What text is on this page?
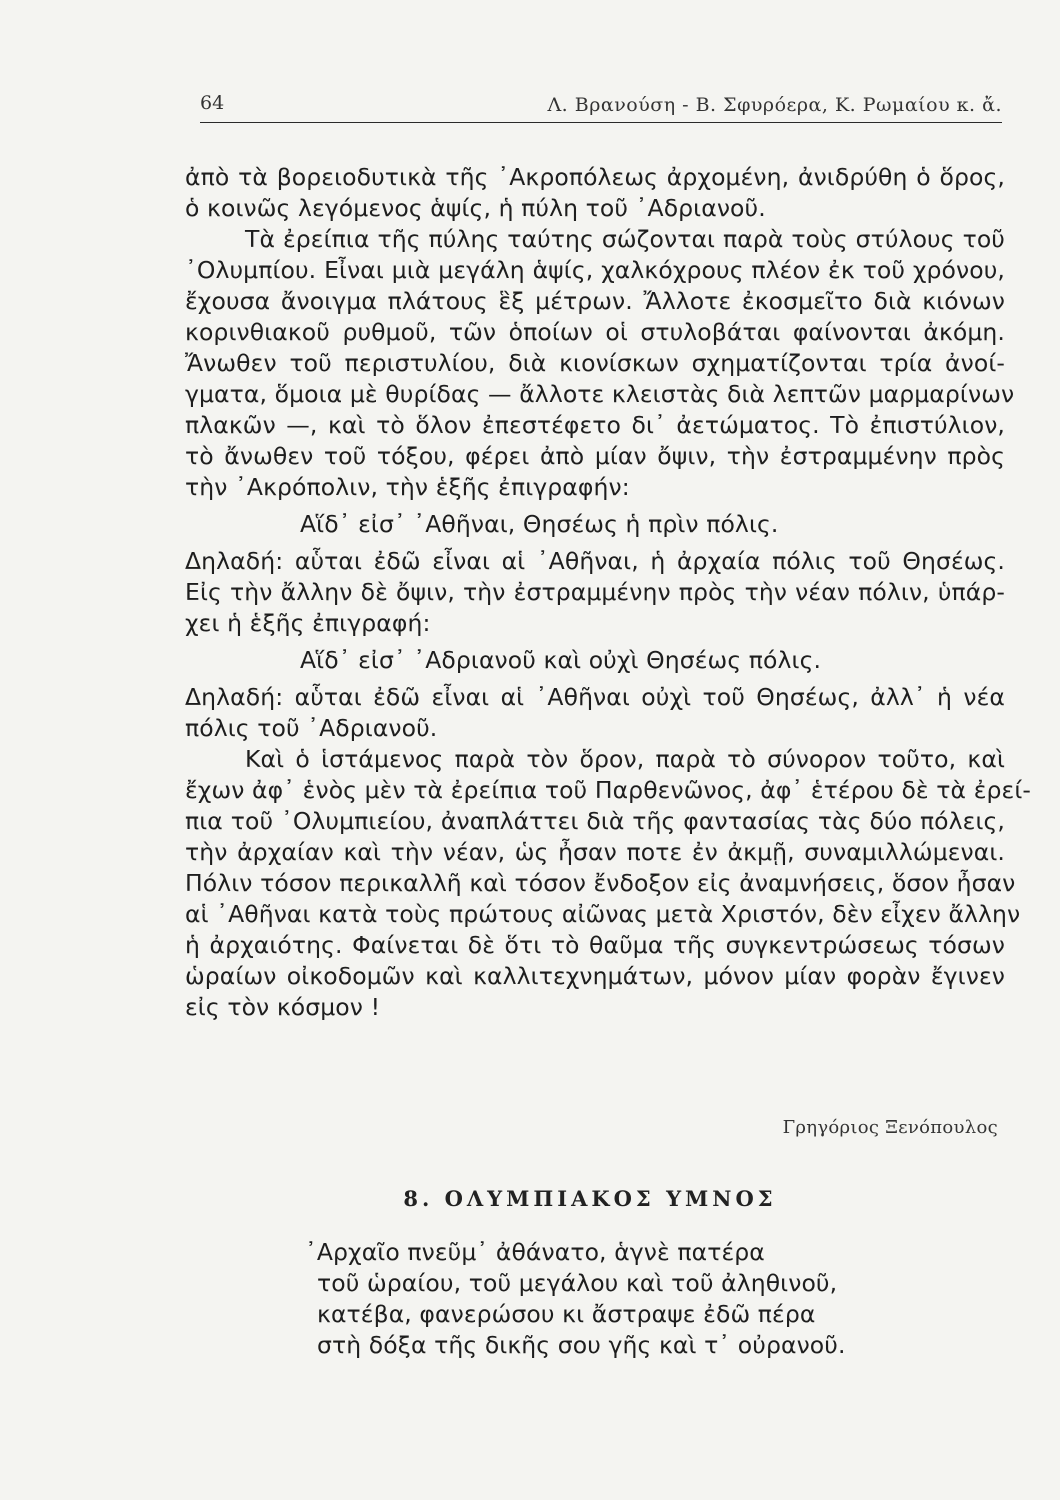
64	Λ. Βρανούση - Β. Σφυρόερα, Κ. Ρωμαίου κ. ἄ.

ἀπὸ τὰ βορειοδυτικὰ τῆς ᾿Ακροπόλεως ἀρχομένη, ἀνιδρύθη ὁ ὅρος,

ὁ κοινῶς λεγόμενος ἁψίς, ἡ πύλη τοῦ ᾿Αδριανοῦ.

Τὰ ἐρείπια τῆς πύλης ταύτης σώζονται παρὰ τοὺς στύλους τοῦ

᾿Ολυμπίου. Εἶναι μιὰ μεγάλη ἁψίς, χαλκόχρους πλέον ἐκ τοῦ χρόνου,

ἔχουσα ἄνοιγμα πλάτους ἓξ μέτρων. Ἄλλοτε ἐκοσμεῖτο διὰ κιόνων

κορινθιακοῦ ρυθμοῦ, τῶν ὁποίων οἱ στυλοβάται φαίνονται ἀκόμη.

Ἄνωθεν τοῦ περιστυλίου, διὰ κιονίσκων σχηματίζονται τρία ἀνοί-

γματα, ὅμοια μὲ θυρίδας — ἄλλοτε κλειστὰς διὰ λεπτῶν μαρμαρίνων

πλακῶν —, καὶ τὸ ὅλον ἐπεστέφετο δι᾿ ἀετώματος. Τὸ ἐπιστύλιον,

τὸ ἄνωθεν τοῦ τόξου, φέρει ἀπὸ μίαν ὄψιν, τὴν ἐστραμμένην πρὸς

τὴν ᾿Ακρόπολιν, τὴν ἑξῆς ἐπιγραφήν:

Αἵδ᾿ εἰσ᾿ ᾿Αθῆναι, Θησέως ἡ πρὶν πόλις.

Δηλαδή: αὗται ἐδῶ εἶναι αἱ ᾿Αθῆναι, ἡ ἀρχαία πόλις τοῦ Θησέως.

Εἰς τὴν ἄλλην δὲ ὄψιν, τὴν ἐστραμμένην πρὸς τὴν νέαν πόλιν, ὑπάρ-

χει ἡ ἑξῆς ἐπιγραφή:

Αἵδ᾿ εἰσ᾿ ᾿Αδριανοῦ καὶ οὐχὶ Θησέως πόλις.

Δηλαδή: αὗται ἐδῶ εἶναι αἱ ᾿Αθῆναι οὐχὶ τοῦ Θησέως, ἀλλ᾿ ἡ νέα

πόλις τοῦ ᾿Αδριανοῦ.

Καὶ ὁ ἱστάμενος παρὰ τὸν ὅρον, παρὰ τὸ σύνορον τοῦτο, καὶ

ἔχων ἀφ᾿ ἑνὸς μὲν τὰ ἐρείπια τοῦ Παρθενῶνος, ἀφ᾿ ἑτέρου δὲ τὰ ἐρεί-

πια τοῦ ᾿Ολυμπιείου, ἀναπλάττει διὰ τῆς φαντασίας τὰς δύο πόλεις,

τὴν ἀρχαίαν καὶ τὴν νέαν, ὡς ἦσαν ποτε ἐν ἀκμῇ, συναμιλλώμεναι.

Πόλιν τόσον περικαλλῆ καὶ τόσον ἔνδοξον εἰς ἀναμνήσεις, ὅσον ἦσαν

αἱ ᾿Αθῆναι κατὰ τοὺς πρώτους αἰῶνας μετὰ Χριστόν, δὲν εἶχεν ἄλλην

ἡ ἀρχαιότης. Φαίνεται δὲ ὅτι τὸ θαῦμα τῆς συγκεντρώσεως τόσων

ὡραίων οἰκοδομῶν καὶ καλλιτεχνημάτων, μόνον μίαν φορὰν ἔγινεν

εἰς τὸν κόσμον !

Γρηγόριος Ξενόπουλος
8. ΟΛΥΜΠΙΑΚΟΣ ΥΜΝΟΣ

᾿Αρχαῖο πνεῦμ᾿ ἀθάνατο, ἁγνὲ πατέρα

τοῦ ὡραίου, τοῦ μεγάλου καὶ τοῦ ἀληθινοῦ,

κατέβα, φανερώσου κι ἄστραψε ἐδῶ πέρα

στὴ δόξα τῆς δικῆς σου γῆς καὶ τ᾿ οὐρανοῦ.
